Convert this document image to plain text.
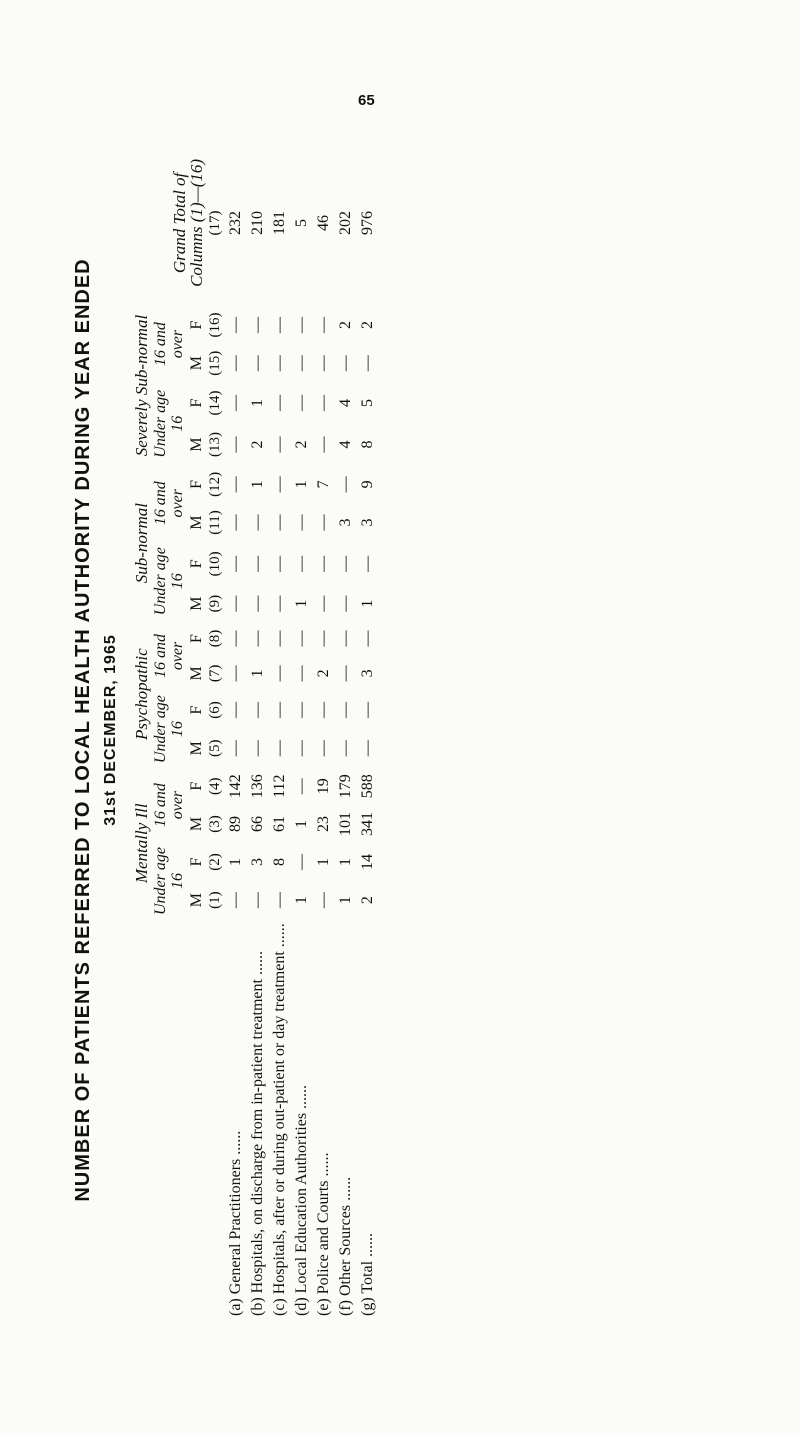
65
NUMBER OF PATIENTS REFERRED TO LOCAL HEALTH AUTHORITY DURING YEAR ENDED 31st DECEMBER, 1965
	Mentally Ill				Psychopathic				Sub-normal				Severely Sub-normal				Grand Total of Columns (1)—(16)
	Under age 16		16 and over		Under age 16		16 and over		Under age 16		16 and over		Under age 16		16 and over		
	M	F	M	F	M	F	M	F	M	F	M	F	M	F	M	F	
	(1)	(2)	(3)	(4)	(5)	(6)	(7)	(8)	(9)	(10)	(11)	(12)	(13)	(14)	(15)	(16)	(17)
(a) General Practitioners ......	—	1	89	142	—	—	—	—	—	—	—	—	—	—	—	—	232
(b) Hospitals, on discharge from in-patient treatment ......	—	3	66	136	—	—	1	—	—	—	—	1	2	1	—	—	210
(c) Hospitals, after or during out-patient or day treatment ......	—	8	61	112	—	—	—	—	—	—	—	—	—	—	—	—	181
(d) Local Education Authorities ......	1	—	1	—	—	—	—	—	1	—	—	1	2	—	—	—	5
(e) Police and Courts ......	—	1	23	19	—	—	2	—	—	—	—	7	—	—	—	—	46
(f) Other Sources ......	1	1	101	179	—	—	—	—	—	—	3	—	4	4	—	2	202
(g) Total ......	2	14	341	588	—	—	3	—	1	—	3	9	8	5	—	2	976
